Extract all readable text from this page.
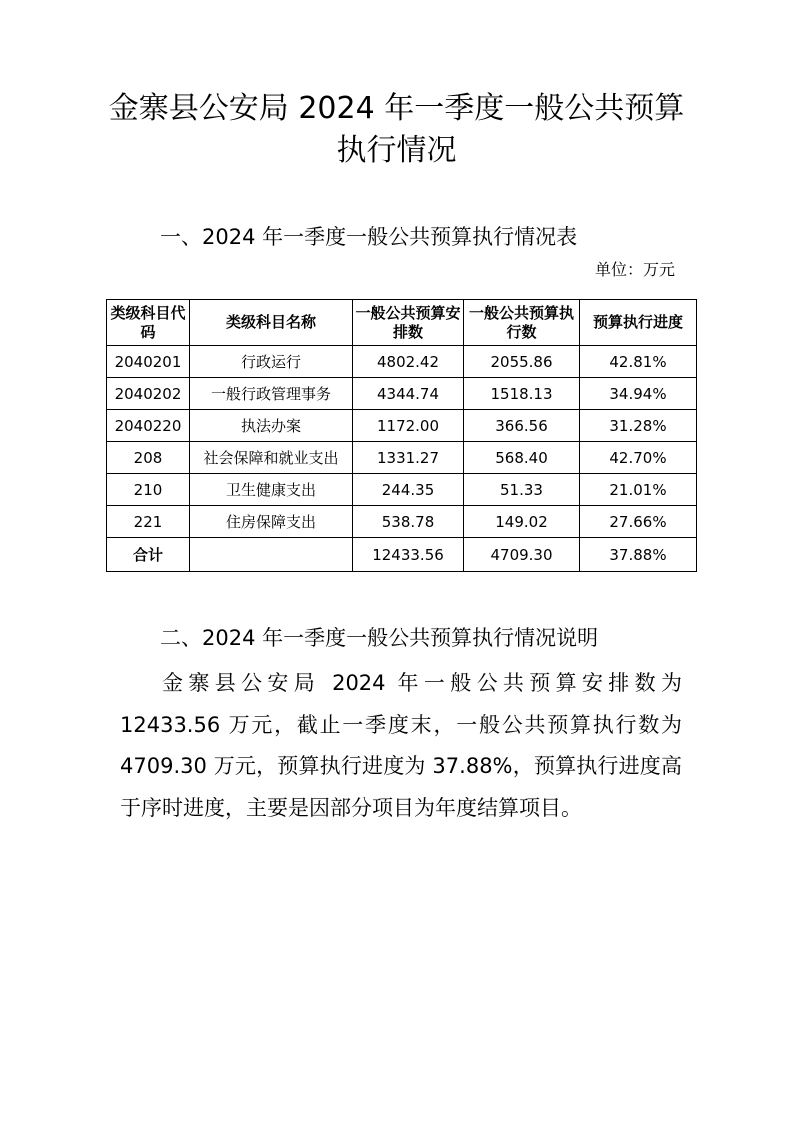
金寨县公安局 2024 年一季度一般公共预算
执行情况
一、2024 年一季度一般公共预算执行情况表
单位：万元
类级科目代码	类级科目名称	一般公共预算安排数	一般公共预算执行数	预算执行进度
2040201	行政运行	4802.42	2055.86	42.81%
2040202	一般行政管理事务	4344.74	1518.13	34.94%
2040220	执法办案	1172.00	366.56	31.28%
208	社会保障和就业支出	1331.27	568.40	42.70%
210	卫生健康支出	244.35	51.33	21.01%
221	住房保障支出	538.78	149.02	27.66%
合计		12433.56	4709.30	37.88%
二、2024 年一季度一般公共预算执行情况说明

金寨县公安局 2024 年一般公共预算安排数为 12433.56 万元，截止一季度末，一般公共预算执行数为 4709.30 万元，预算执行进度为 37.88%，预算执行进度高于序时进度，主要是因部分项目为年度结算项目。
